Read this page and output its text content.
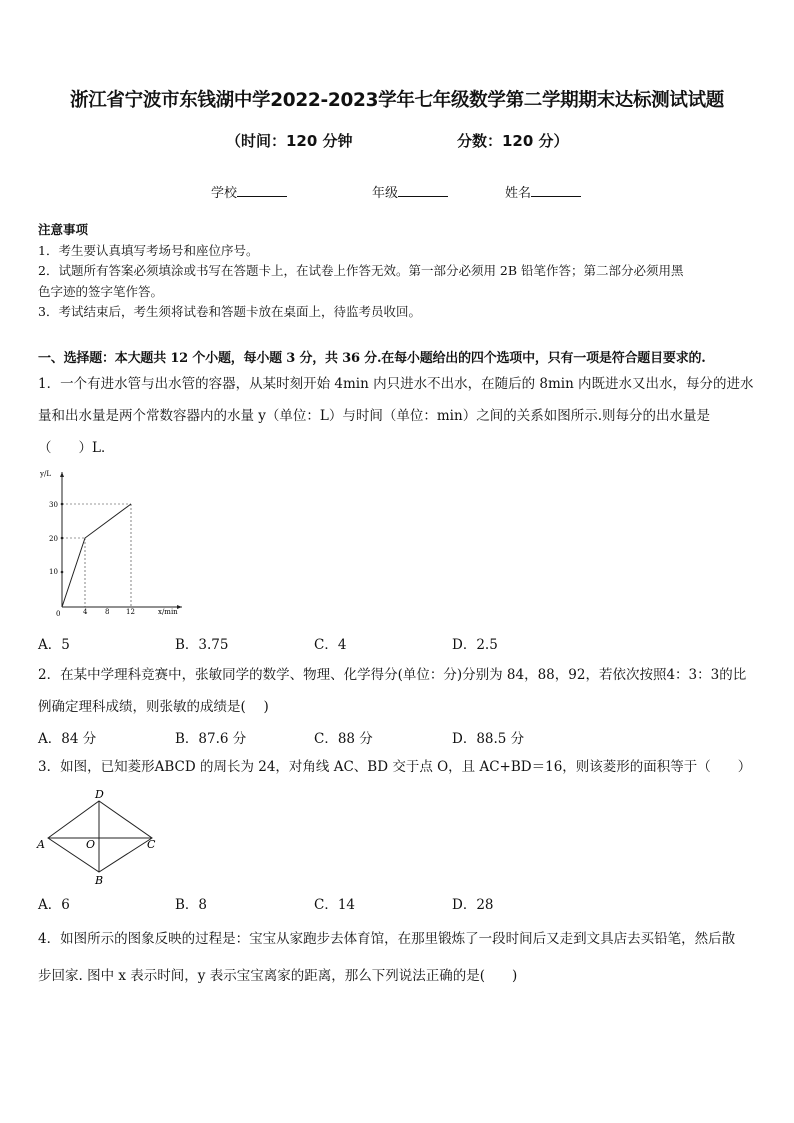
浙江省宁波市东钱湖中学2022-2023学年七年级数学第二学期期末达标测试试题
（时间：120 分钟	分数：120 分）
学校	年级	姓名
注意事项
1．考生要认真填写考场号和座位序号。
2．试题所有答案必须填涂或书写在答题卡上，在试卷上作答无效。第一部分必须用 2B 铅笔作答；第二部分必须用黑
色字迹的签字笔作答。
3．考试结束后，考生须将试卷和答题卡放在桌面上，待监考员收回。
一、选择题：本大题共 12 个小题，每小题 3 分，共 36 分.在每小题给出的四个选项中，只有一项是符合题目要求的.
1．一个有进水管与出水管的容器，从某时刻开始 4min 内只进水不出水，在随后的 8min 内既进水又出水，每分的进水
量和出水量是两个常数容器内的水量 y（单位：L）与时间（单位：min）之间的关系如图所示.则每分的出水量是
（　　）L．
y/L
x/min
0
30
20
10
4	8 12
A．5	B．3.75	C．4	D．2.5
2．在某中学理科竞赛中，张敏同学的数学、物理、化学得分(单位：分)分别为 84，88，92，若依次按照4：3：3的比
例确定理科成绩，则张敏的成绩是(　 )
A．84 分	B．87.6 分	C．88 分	D．88.5 分
3．如图，已知菱形ABCD 的周长为 24，对角线 AC、BD 交于点 O，且 AC+BD＝16，则该菱形的面积等于（　　）
A
D
C
B
O
A．6	B．8	C．14	D．28
4．如图所示的图象反映的过程是：宝宝从家跑步去体育馆，在那里锻炼了一段时间后又走到文具店去买铅笔，然后散
步回家. 图中 x 表示时间，y 表示宝宝离家的距离，那么下列说法正确的是(　　)
